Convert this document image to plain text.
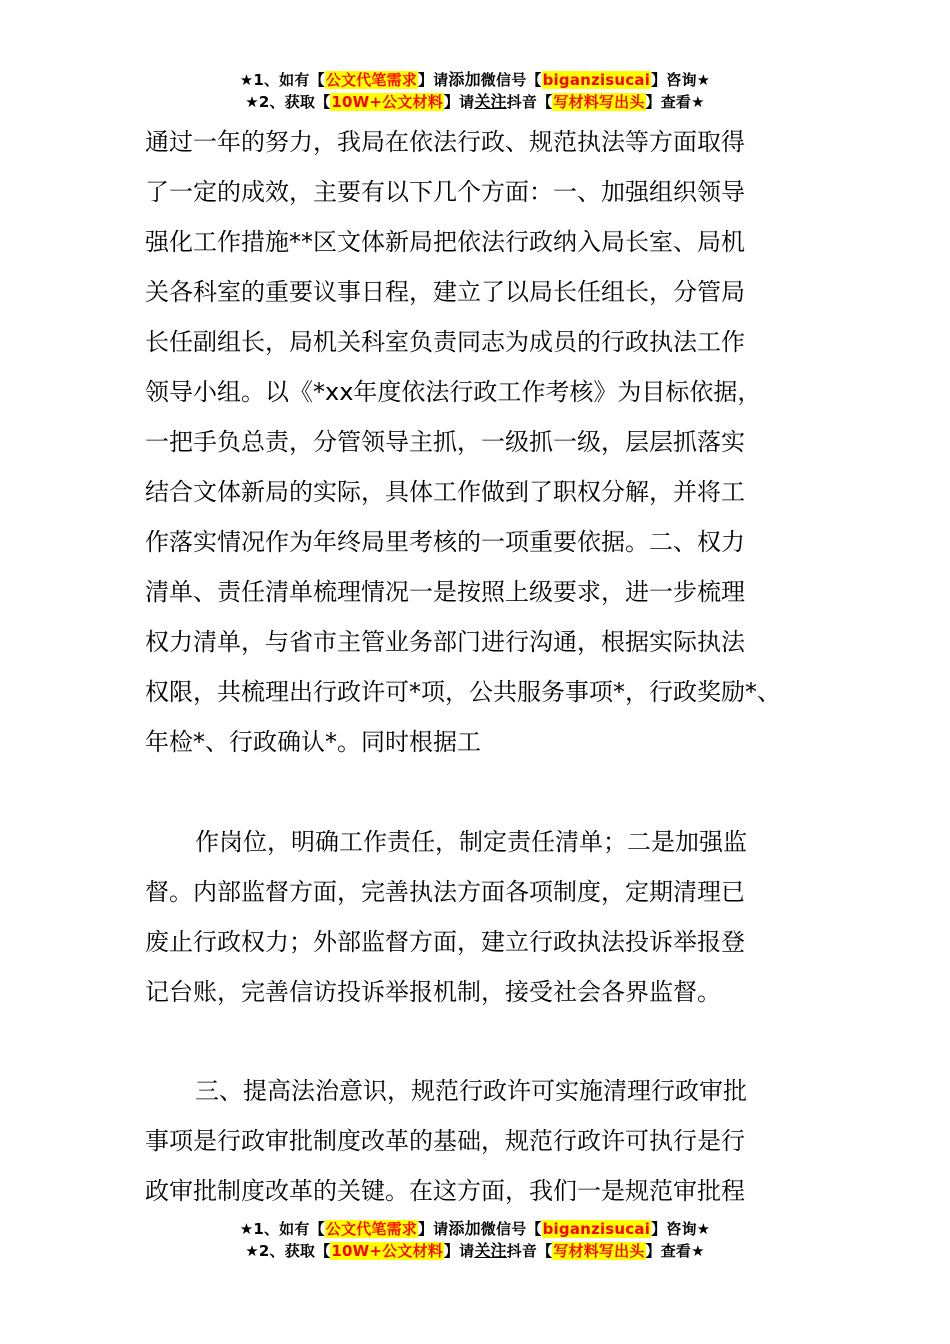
★1、如有【公文代笔需求】请添加微信号【biganzisucai】咨询★
★2、获取【10W+公文材料】请关注抖音【写材料写出头】查看★
通过一年的努力，我局在依法行政、规范执法等方面取得
了一定的成效，主要有以下几个方面：一、加强组织领导
强化工作措施**区文体新局把依法行政纳入局长室、局机
关各科室的重要议事日程，建立了以局长任组长，分管局
长任副组长，局机关科室负责同志为成员的行政执法工作
领导小组。以《*xx年度依法行政工作考核》为目标依据，
一把手负总责，分管领导主抓，一级抓一级，层层抓落实
结合文体新局的实际，具体工作做到了职权分解，并将工
作落实情况作为年终局里考核的一项重要依据。二、权力
清单、责任清单梳理情况一是按照上级要求，进一步梳理
权力清单，与省市主管业务部门进行沟通，根据实际执法
权限，共梳理出行政许可*项，公共服务事项*，行政奖励*、
年检*、行政确认*。同时根据工
作岗位，明确工作责任，制定责任清单；二是加强监
督。内部监督方面，完善执法方面各项制度，定期清理已
废止行政权力；外部监督方面，建立行政执法投诉举报登
记台账，完善信访投诉举报机制，接受社会各界监督。
三、提高法治意识，规范行政许可实施清理行政审批
事项是行政审批制度改革的基础，规范行政许可执行是行
政审批制度改革的关键。在这方面，我们一是规范审批程
★1、如有【公文代笔需求】请添加微信号【biganzisucai】咨询★
★2、获取【10W+公文材料】请关注抖音【写材料写出头】查看★
